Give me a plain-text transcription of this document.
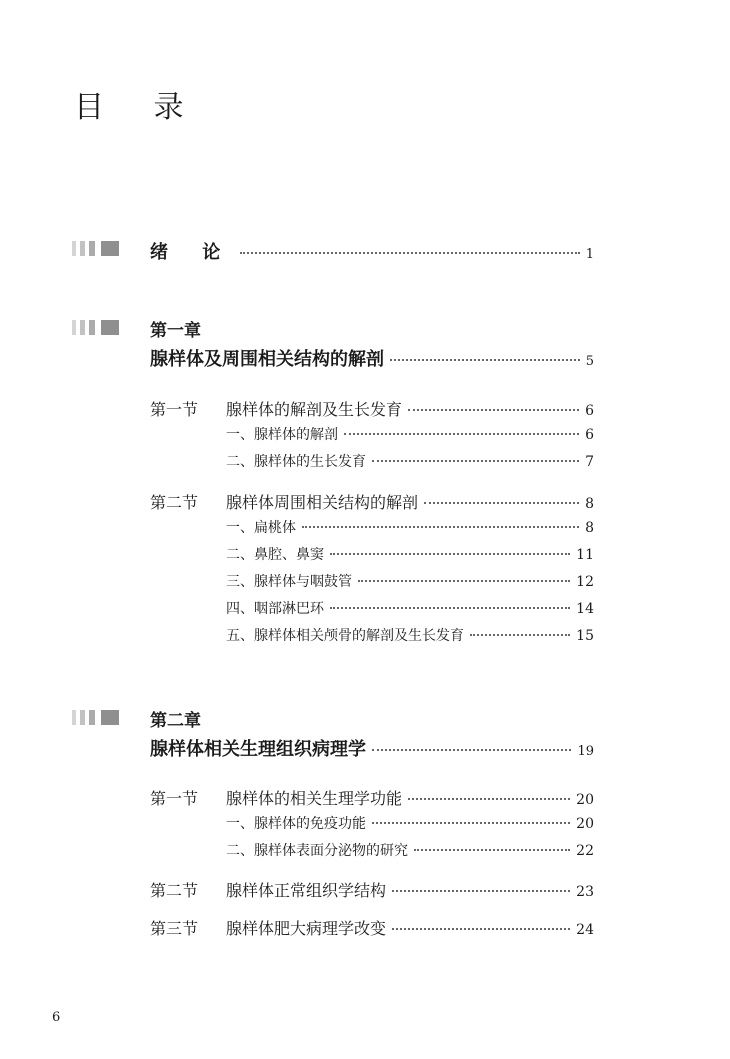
目 录
绪 论	1
第一章
腺样体及周围相关结构的解剖	5
第一节 腺样体的解剖及生长发育	6
一、腺样体的解剖	6
二、腺样体的生长发育	7
第二节 腺样体周围相关结构的解剖	8
一、扁桃体	8
二、鼻腔、鼻窦	11
三、腺样体与咽鼓管	12
四、咽部淋巴环	14
五、腺样体相关颅骨的解剖及生长发育	15
第二章
腺样体相关生理组织病理学	19
第一节 腺样体的相关生理学功能	20
一、腺样体的免疫功能	20
二、腺样体表面分泌物的研究	22
第二节 腺样体正常组织学结构	23
第三节 腺样体肥大病理学改变	24
6
